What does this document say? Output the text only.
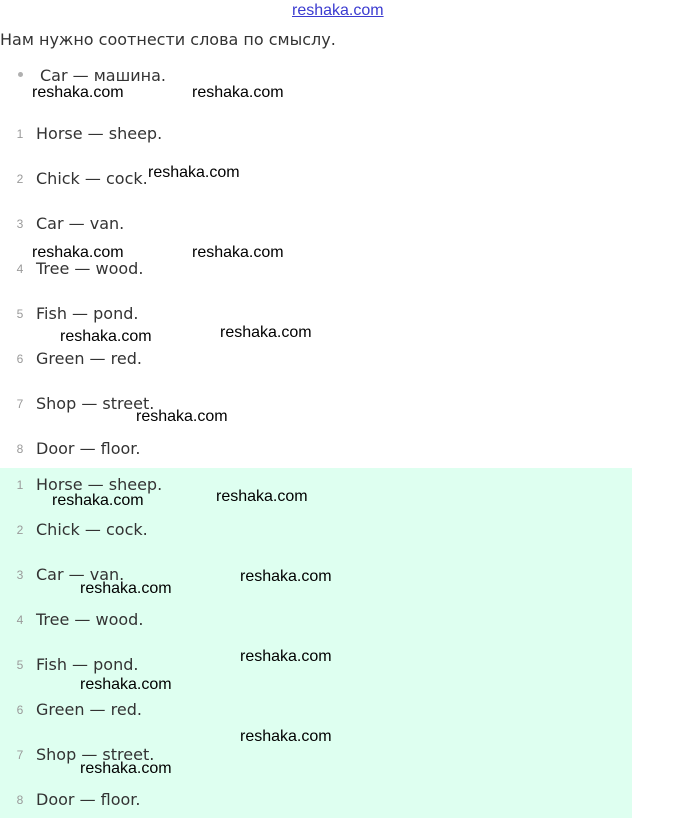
reshaka.com
Нам нужно соотнести слова по смыслу.
Car — машина.
1 Horse — sheep.
2 Chick — cock.
3 Car — van.
4 Tree — wood.
5 Fish — pond.
6 Green — red.
7 Shop — street.
8 Door — floor.
1 Horse — sheep.
2 Chick — cock.
3 Car — van.
4 Tree — wood.
5 Fish — pond.
6 Green — red.
7 Shop — street.
8 Door — floor.
reshaka.com	reshaka.com
reshaka.com
reshaka.com	reshaka.com
reshaka.com	reshaka.com
reshaka.com
reshaka.com	reshaka.com
reshaka.com
reshaka.com
reshaka.com
reshaka.com
reshaka.com
reshaka.com
